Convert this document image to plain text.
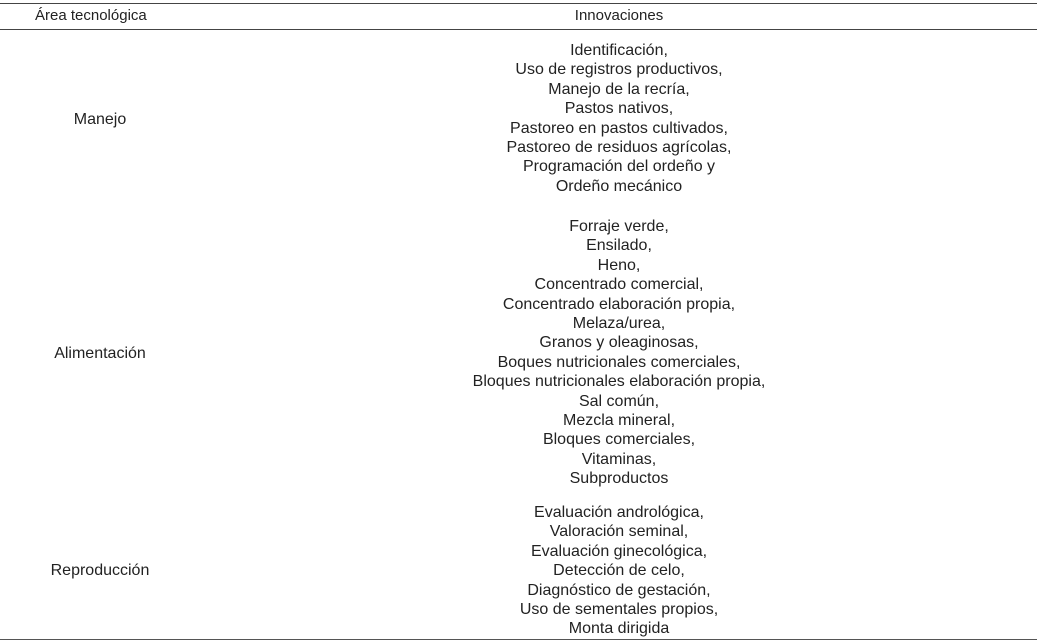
Área tecnológica	Innovaciones
Manejo
Identificación,
Uso de registros productivos,
Manejo de la recría,
Pastos nativos,
Pastoreo en pastos cultivados,
Pastoreo de residuos agrícolas,
Programación del ordeño y
Ordeño mecánico
Alimentación
Forraje verde,
Ensilado,
Heno,
Concentrado comercial,
Concentrado elaboración propia,
Melaza/urea,
Granos y oleaginosas,
Boques nutricionales comerciales,
Bloques nutricionales elaboración propia,
Sal común,
Mezcla mineral,
Bloques comerciales,
Vitaminas,
Subproductos
Reproducción
Evaluación andrológica,
Valoración seminal,
Evaluación ginecológica,
Detección de celo,
Diagnóstico de gestación,
Uso de sementales propios,
Monta dirigida
